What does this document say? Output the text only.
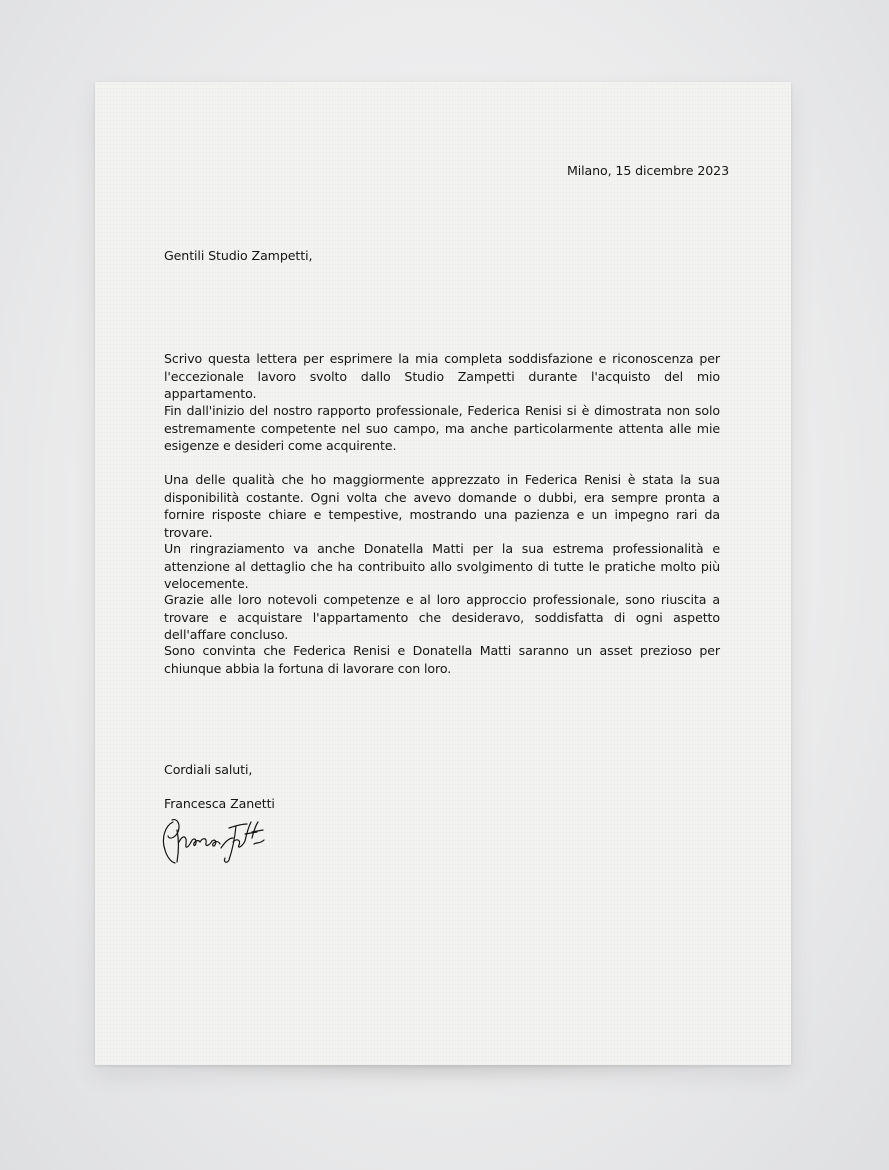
Milano, 15 dicembre 2023

Gentili Studio Zampetti,

Scrivo questa lettera per esprimere la mia completa soddisfazione e riconoscenza per l'eccezionale lavoro svolto dallo Studio Zampetti durante l'acquisto del mio appartamento.

Fin dall'inizio del nostro rapporto professionale, Federica Renisi si è dimostrata non solo estremamente competente nel suo campo, ma anche particolarmente attenta alle mie esigenze e desideri come acquirente.

Una delle qualità che ho maggiormente apprezzato in Federica Renisi è stata la sua disponibilità costante. Ogni volta che avevo domande o dubbi, era sempre pronta a fornire risposte chiare e tempestive, mostrando una pazienza e un impegno rari da trovare.

Un ringraziamento va anche Donatella Matti per la sua estrema professionalità e attenzione al dettaglio che ha contribuito allo svolgimento di tutte le pratiche molto più velocemente.

Grazie alle loro notevoli competenze e al loro approccio professionale, sono riuscita a trovare e acquistare l'appartamento che desideravo, soddisfatta di ogni aspetto dell'affare concluso.

Sono convinta che Federica Renisi e Donatella Matti saranno un asset prezioso per chiunque abbia la fortuna di lavorare con loro.

Cordiali saluti,

Francesca Zanetti
